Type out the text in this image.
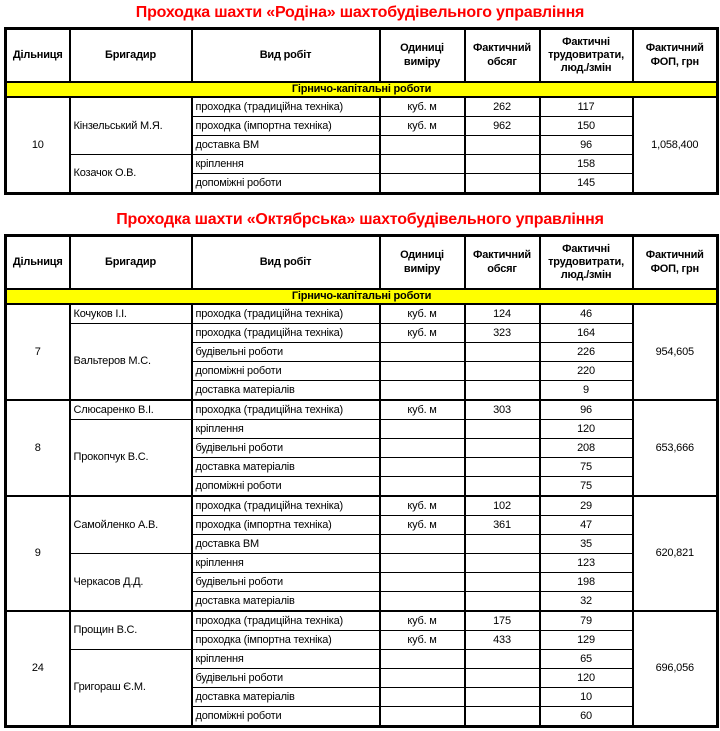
Проходка шахти «Родіна» шахтобудівельного управління
Дільниця	Бригадир	Вид робіт	Одиниці виміру	Фактичний обсяг	Фактичні трудовитрати, люд./змін	Фактичний ФОП, грн
Гірничо-капітальні роботи						
10	Кінзельський М.Я.	проходка (традиційна техніка)	куб. м	262	117	1,058,400
		проходка (імпортна техніка)	куб. м	962	150	
		доставка ВМ			96	
	Козачок О.В.	кріплення			158	
		допоміжні роботи			145	
Проходка шахти «Октябрська» шахтобудівельного управління
Дільниця	Бригадир	Вид робіт	Одиниці виміру	Фактичний обсяг	Фактичні трудовитрати, люд./змін	Фактичний ФОП, грн
Гірничо-капітальні роботи						
7	Кочуков І.І.	проходка (традиційна техніка)	куб. м	124	46	954,605
	Вальтеров М.С.	проходка (традиційна техніка)	куб. м	323	164	
		будівельні роботи			226	
		допоміжні роботи			220	
		доставка матеріалів			9	
8	Слюсаренко В.І.	проходка (традиційна техніка)	куб. м	303	96	653,666
	Прокопчук В.С.	кріплення			120	
		будівельні роботи			208	
		доставка матеріалів			75	
		допоміжні роботи			75	
9	Самойленко А.В.	проходка (традиційна техніка)	куб. м	102	29	620,821
		проходка (імпортна техніка)	куб. м	361	47	
		доставка ВМ			35	
	Черкасов Д.Д.	кріплення			123	
		будівельні роботи			198	
		доставка матеріалів			32	
24	Прощин В.С.	проходка (традиційна техніка)	куб. м	175	79	696,056
		проходка (імпортна техніка)	куб. м	433	129	
	Григораш Є.М.	кріплення			65	
		будівельні роботи			120	
		доставка матеріалів			10	
		допоміжні роботи			60	
